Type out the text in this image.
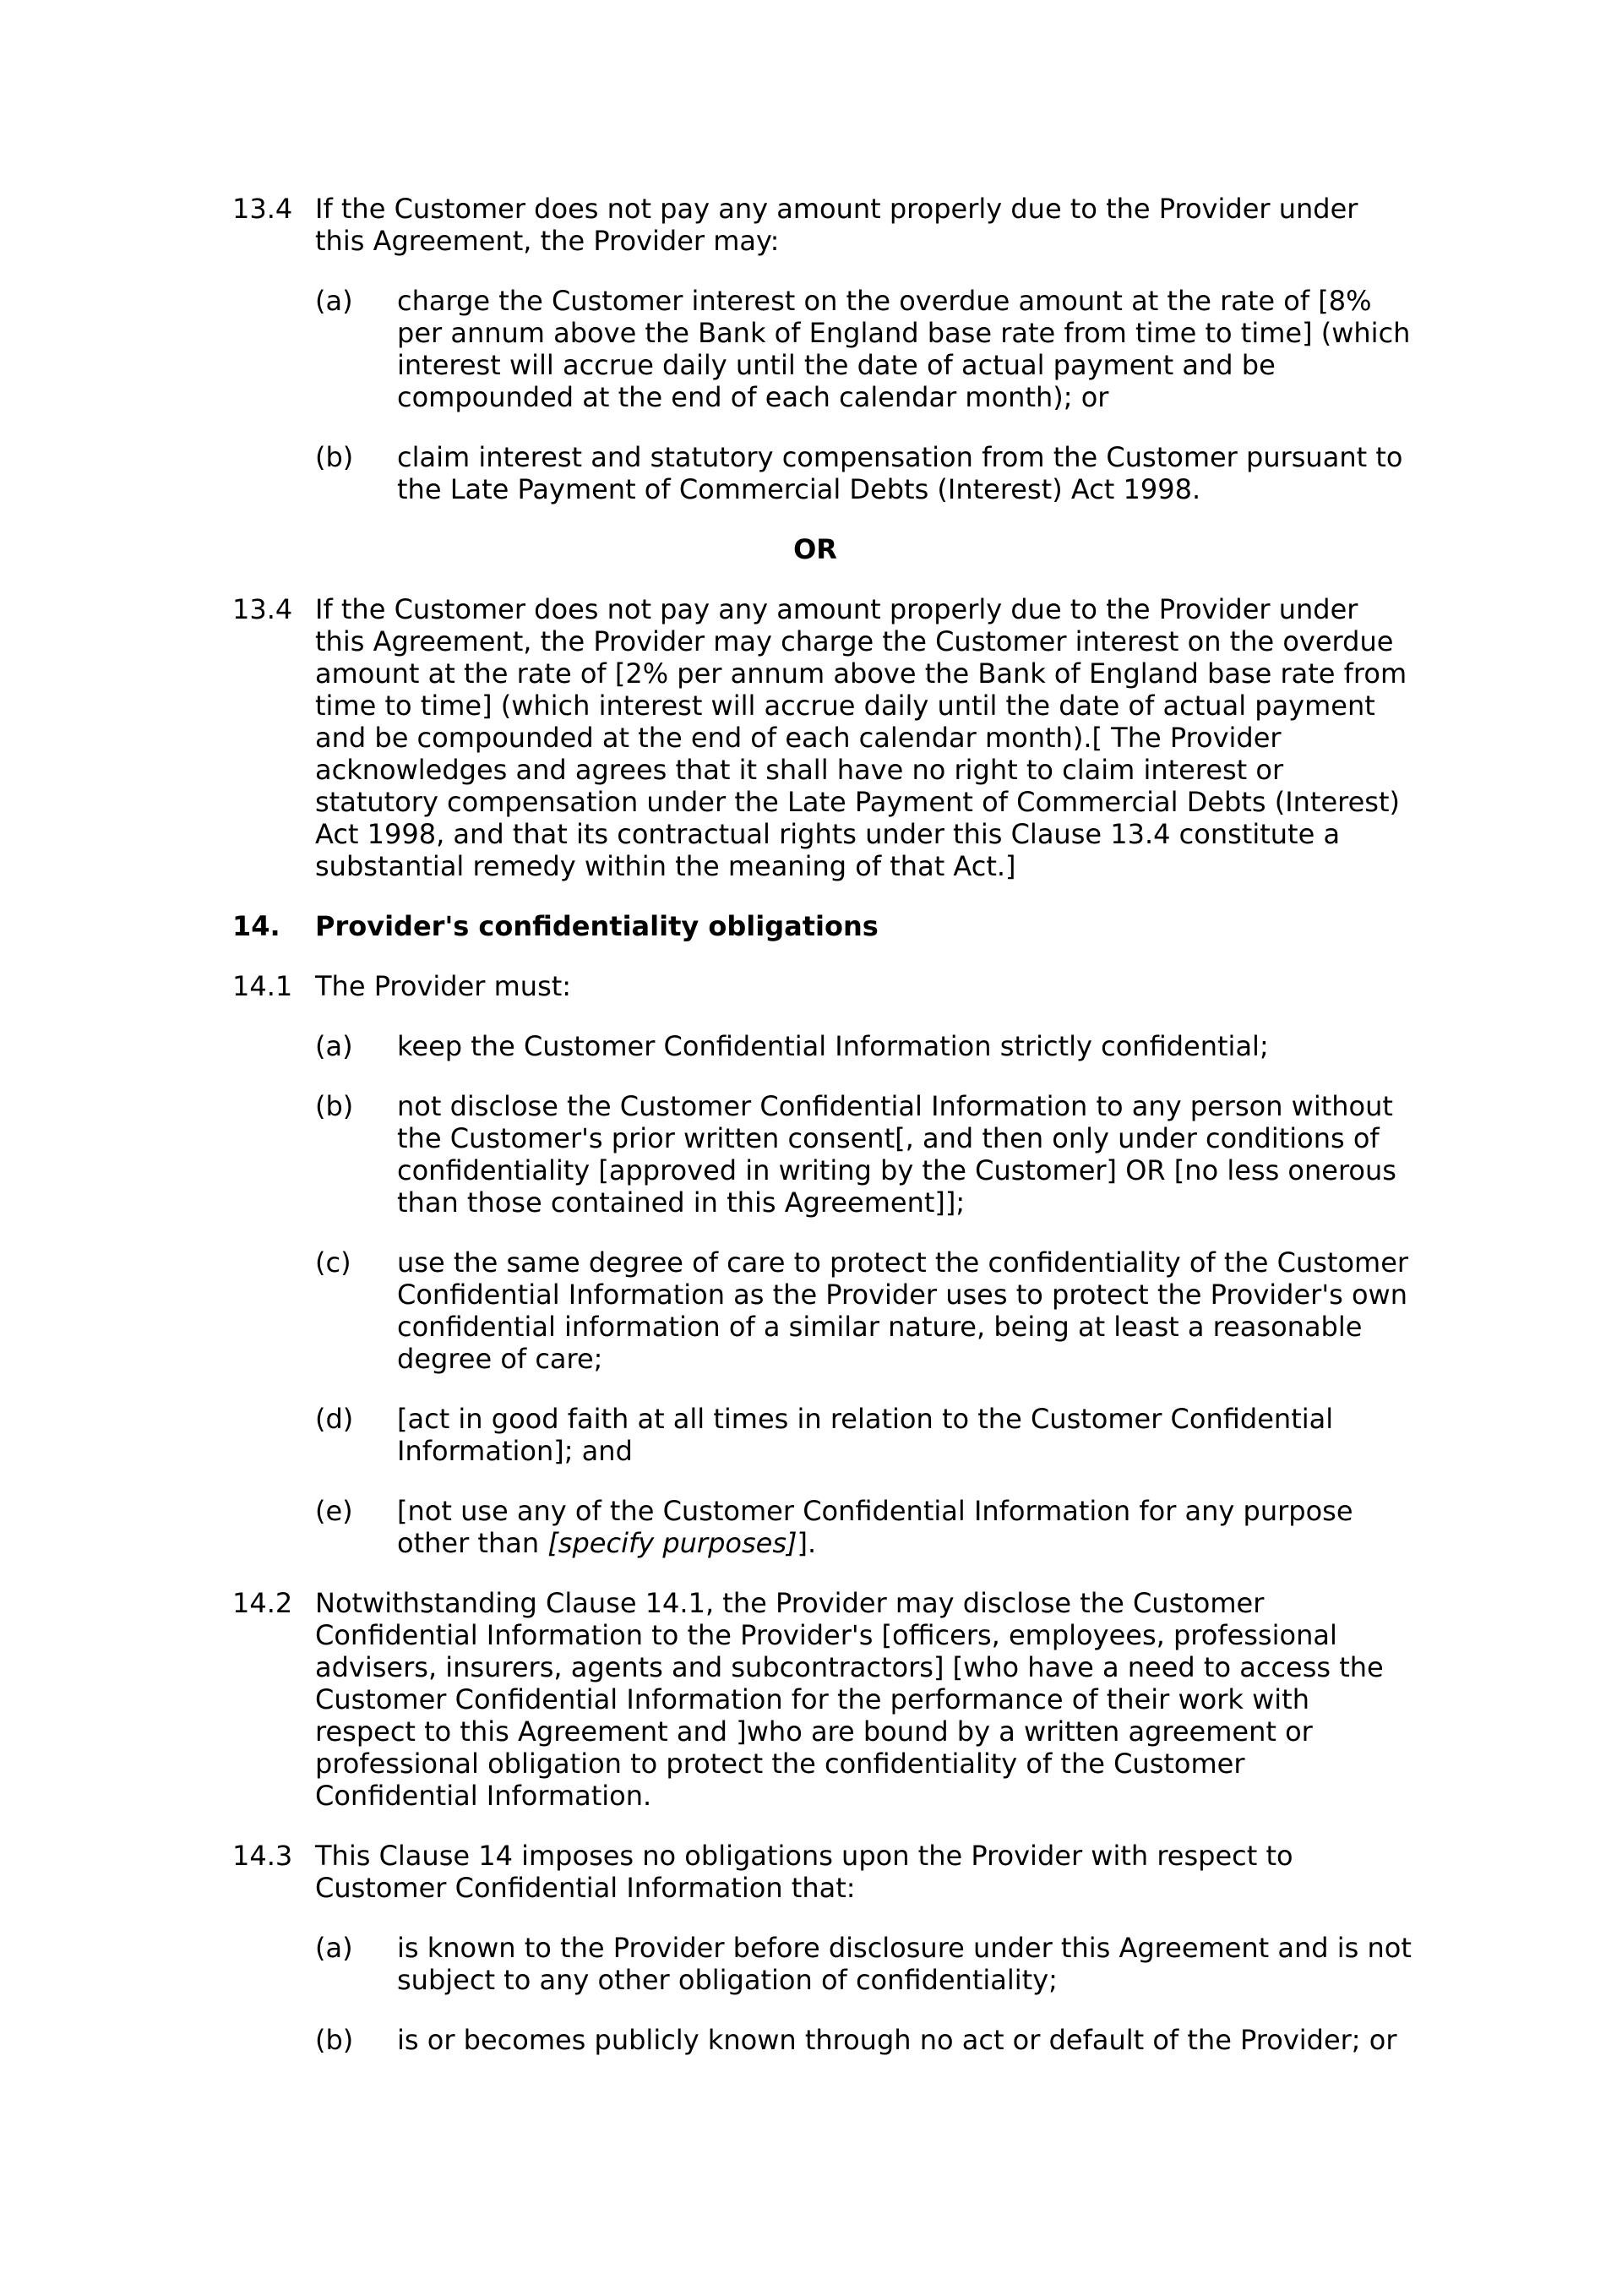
13.4 If the Customer does not pay any amount properly due to the Provider under this Agreement, the Provider may:
(a) charge the Customer interest on the overdue amount at the rate of [8% per annum above the Bank of England base rate from time to time] (which interest will accrue daily until the date of actual payment and be compounded at the end of each calendar month); or
(b) claim interest and statutory compensation from the Customer pursuant to the Late Payment of Commercial Debts (Interest) Act 1998.
OR
13.4 If the Customer does not pay any amount properly due to the Provider under this Agreement, the Provider may charge the Customer interest on the overdue amount at the rate of [2% per annum above the Bank of England base rate from time to time] (which interest will accrue daily until the date of actual payment and be compounded at the end of each calendar month).[ The Provider acknowledges and agrees that it shall have no right to claim interest or statutory compensation under the Late Payment of Commercial Debts (Interest) Act 1998, and that its contractual rights under this Clause 13.4 constitute a substantial remedy within the meaning of that Act.]
14. Provider's confidentiality obligations
14.1 The Provider must:
(a) keep the Customer Confidential Information strictly confidential;
(b) not disclose the Customer Confidential Information to any person without the Customer's prior written consent[, and then only under conditions of confidentiality [approved in writing by the Customer] OR [no less onerous than those contained in this Agreement]];
(c) use the same degree of care to protect the confidentiality of the Customer Confidential Information as the Provider uses to protect the Provider's own confidential information of a similar nature, being at least a reasonable degree of care;
(d) [act in good faith at all times in relation to the Customer Confidential Information]; and
(e) [not use any of the Customer Confidential Information for any purpose other than [specify purposes]].
14.2 Notwithstanding Clause 14.1, the Provider may disclose the Customer Confidential Information to the Provider's [officers, employees, professional advisers, insurers, agents and subcontractors] [who have a need to access the Customer Confidential Information for the performance of their work with respect to this Agreement and ]who are bound by a written agreement or professional obligation to protect the confidentiality of the Customer Confidential Information.
14.3 This Clause 14 imposes no obligations upon the Provider with respect to Customer Confidential Information that:
(a) is known to the Provider before disclosure under this Agreement and is not subject to any other obligation of confidentiality;
(b) is or becomes publicly known through no act or default of the Provider; or
